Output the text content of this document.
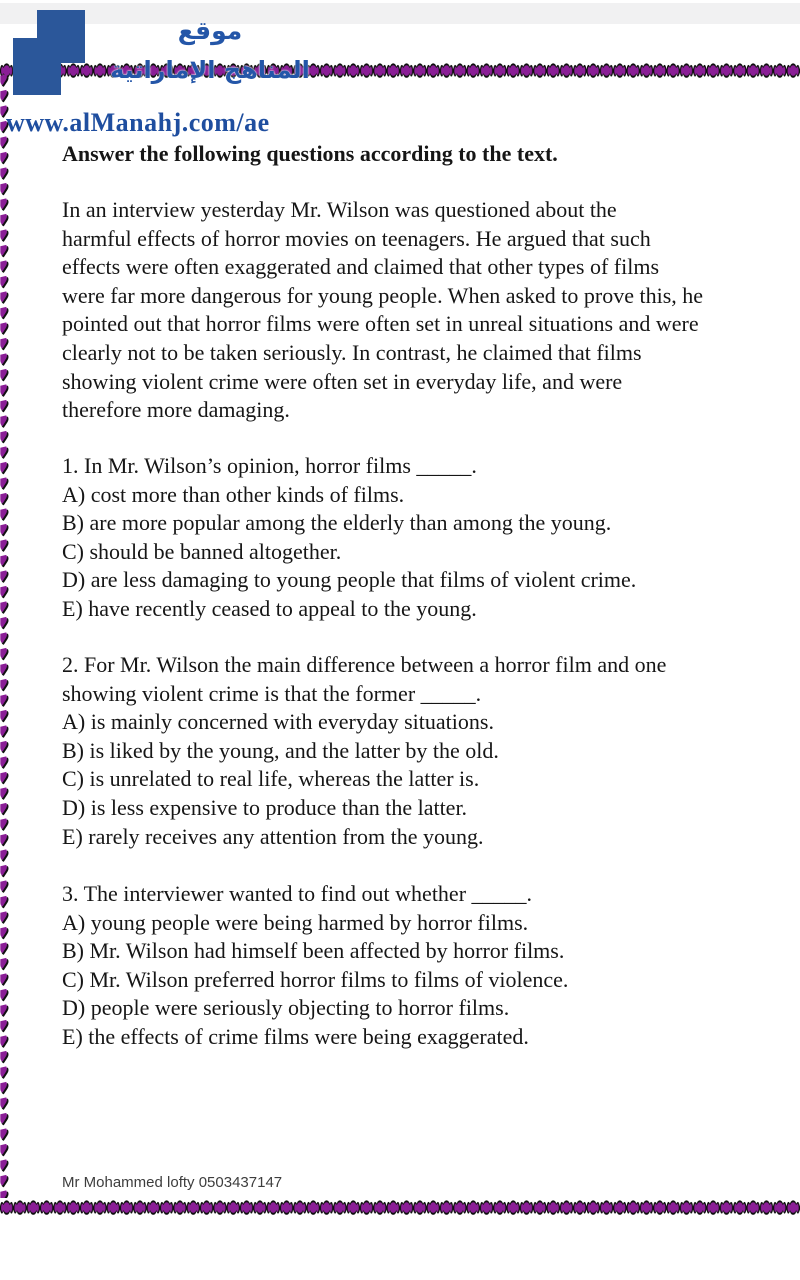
موقع
المناهج الإماراتية
www.alManahj.com/ae
Answer the following questions according to the text.
In an interview yesterday Mr. Wilson was questioned about the
harmful effects of horror movies on teenagers. He argued that such
effects were often exaggerated and claimed that other types of films
were far more dangerous for young people. When asked to prove this, he
pointed out that horror films were often set in unreal situations and were
clearly not to be taken seriously. In contrast, he claimed that films
showing violent crime were often set in everyday life, and were
therefore more damaging.
1. In Mr. Wilson’s opinion, horror films _____.
A) cost more than other kinds of films.
B) are more popular among the elderly than among the young.
C) should be banned altogether.
D) are less damaging to young people that films of violent crime.
E) have recently ceased to appeal to the young.
2. For Mr. Wilson the main difference between a horror film and one
showing violent crime is that the former _____.
A) is mainly concerned with everyday situations.
B) is liked by the young, and the latter by the old.
C) is unrelated to real life, whereas the latter is.
D) is less expensive to produce than the latter.
E) rarely receives any attention from the young.
3. The interviewer wanted to find out whether _____.
A) young people were being harmed by horror films.
B) Mr. Wilson had himself been affected by horror films.
C) Mr. Wilson preferred horror films to films of violence.
D) people were seriously objecting to horror films.
E) the effects of crime films were being exaggerated.
Mr Mohammed lofty 0503437147
